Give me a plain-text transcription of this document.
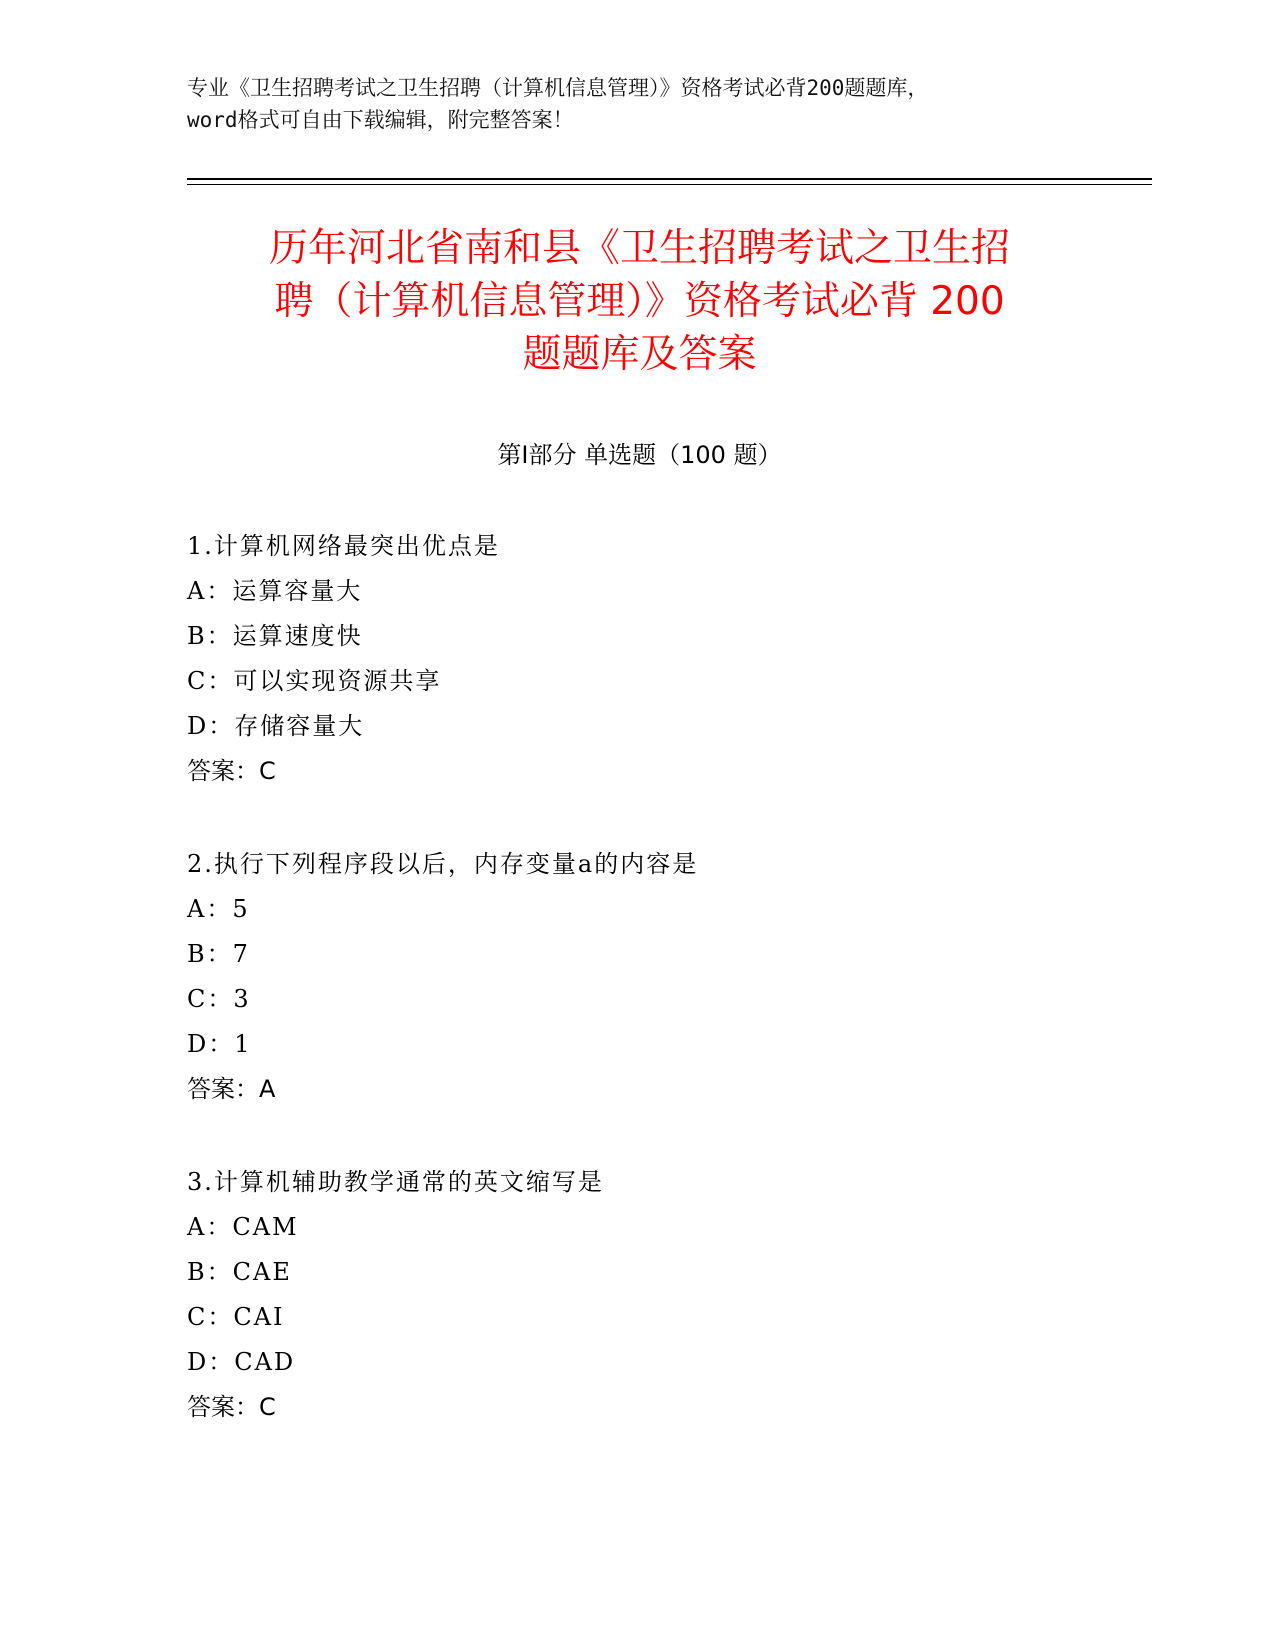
专业《卫生招聘考试之卫生招聘（计算机信息管理）》资格考试必背200题题库，
word格式可自由下载编辑，附完整答案！
历年河北省南和县《卫生招聘考试之卫生招
聘（计算机信息管理）》资格考试必背 200
题题库及答案
第Ⅰ部分 单选题（100 题）
1.计算机网络最突出优点是
A：运算容量大
B：运算速度快
C：可以实现资源共享
D：存储容量大
答案：C
2.执行下列程序段以后，内存变量a的内容是
A：5
B：7
C：3
D：1
答案：A
3.计算机辅助教学通常的英文缩写是
A：CAM
B：CAE
C：CAI
D：CAD
答案：C
